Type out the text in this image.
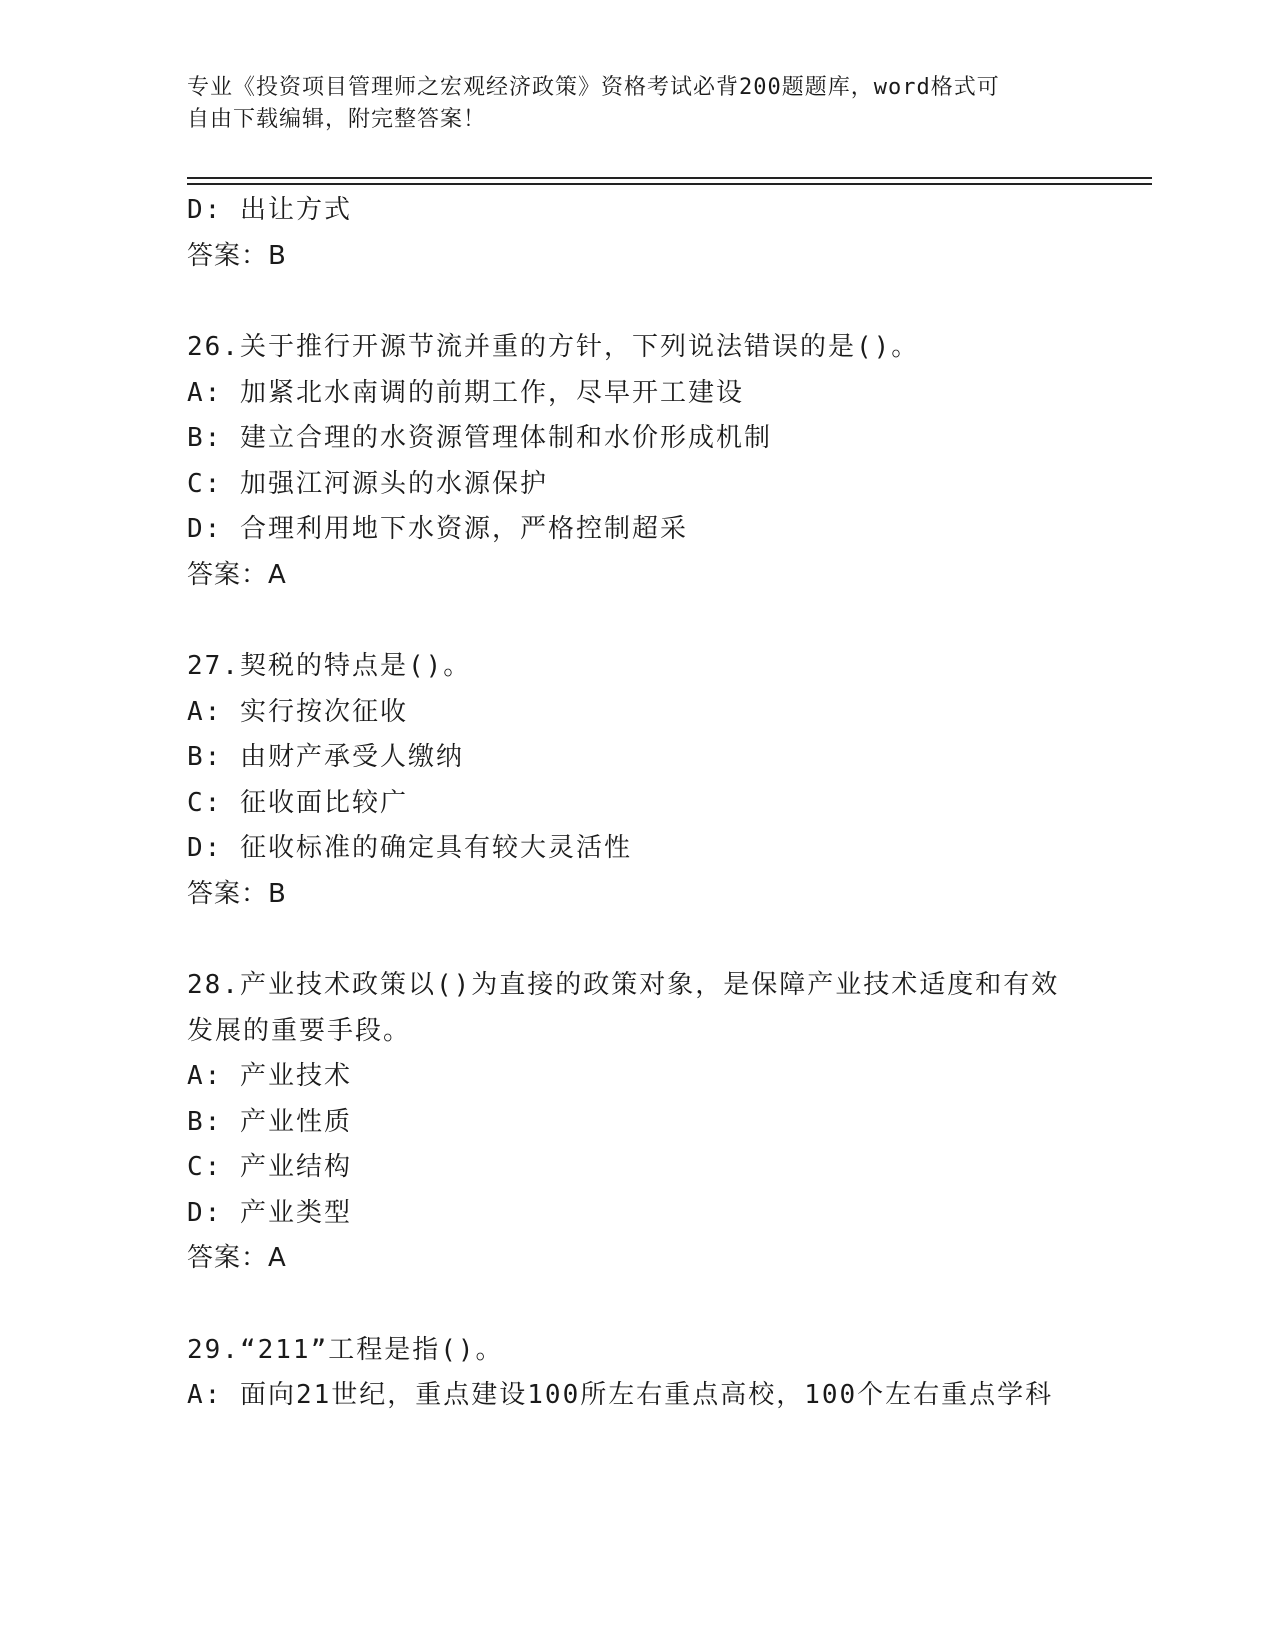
专业《投资项目管理师之宏观经济政策》资格考试必背200题题库，word格式可
自由下载编辑，附完整答案！
D: 出让方式
答案：B
26.关于推行开源节流并重的方针，下列说法错误的是()。
A: 加紧北水南调的前期工作，尽早开工建设
B: 建立合理的水资源管理体制和水价形成机制
C: 加强江河源头的水源保护
D: 合理利用地下水资源，严格控制超采
答案：A
27.契税的特点是()。
A: 实行按次征收
B: 由财产承受人缴纳
C: 征收面比较广
D: 征收标准的确定具有较大灵活性
答案：B
28.产业技术政策以()为直接的政策对象，是保障产业技术适度和有效
发展的重要手段。
A: 产业技术
B: 产业性质
C: 产业结构
D: 产业类型
答案：A
29.“211”工程是指()。
A: 面向21世纪，重点建设100所左右重点高校，100个左右重点学科
